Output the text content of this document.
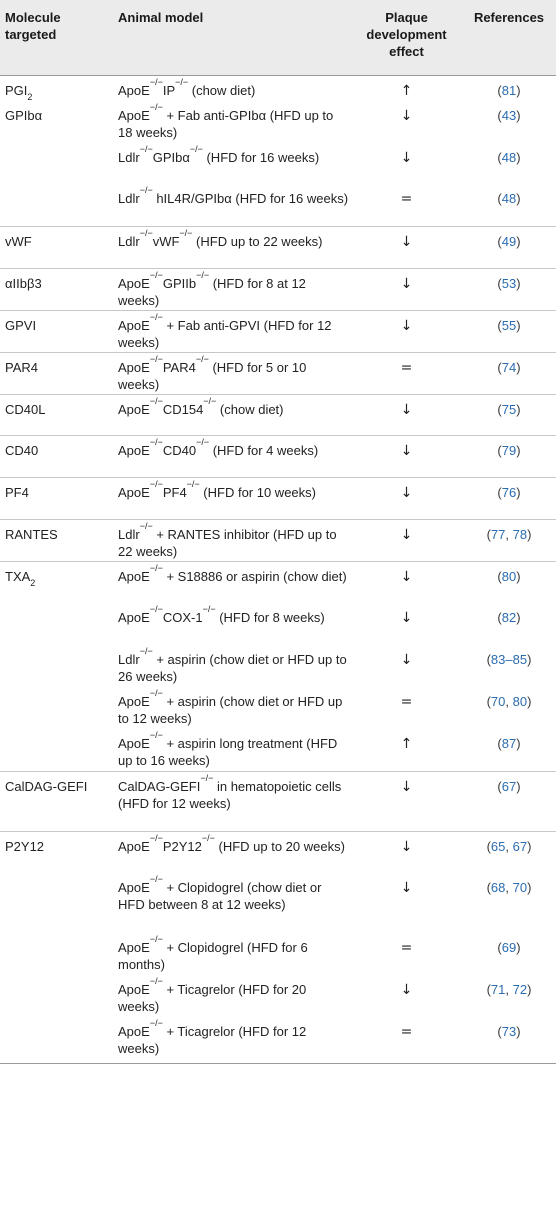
Molecule targeted	Animal model	Plaque development effect	References
$PGI_2$	ApoE−/−IP−/− (chow diet)	↑	(81)
GPIbα	ApoE−/− + Fab anti-GPIbα (HFD up to 18 weeks)	↓	(43)
	Ldlr−/−GPIbα−/− (HFD for 16 weeks)	↓	(48)
	Ldlr−/− hIL4R/GPIbα (HFD for 16 weeks)	=	(48)
vWF	Ldlr−/−vWF−/− (HFD up to 22 weeks)	↓	(49)
αIIbβ3	ApoE−/−GPIIb−/− (HFD for 8 at 12 weeks)	↓	(53)
GPVI	ApoE−/− + Fab anti-GPVI (HFD for 12 weeks)	↓	(55)
PAR4	ApoE−/−PAR4−/− (HFD for 5 or 10 weeks)	=	(74)
CD40L	ApoE−/−CD154−/− (chow diet)	↓	(75)
CD40	ApoE−/−CD40−/− (HFD for 4 weeks)	↓	(79)
PF4	ApoE−/−PF4−/− (HFD for 10 weeks)	↓	(76)
RANTES	Ldlr−/− + RANTES inhibitor (HFD up to 22 weeks)	↓	(77, 78)
$TXA_2$	ApoE−/− + S18886 or aspirin (chow diet)	↓	(80)
	ApoE−/−COX-1−/− (HFD for 8 weeks)	↓	(82)
	Ldlr−/− + aspirin (chow diet or HFD up to 26 weeks)	↓	(83–85)
	ApoE−/− + aspirin (chow diet or HFD up to 12 weeks)	=	(70, 80)
	ApoE−/− + aspirin long treatment (HFD up to 16 weeks)	↑	(87)
CalDAG-GEFI	CalDAG-GEFI−/− in hematopoietic cells (HFD for 12 weeks)	↓	(67)
P2Y12	ApoE−/−P2Y12−/− (HFD up to 20 weeks)	↓	(65, 67)
	ApoE−/− + Clopidogrel (chow diet or HFD between 8 at 12 weeks)	↓	(68, 70)
	ApoE−/− + Clopidogrel (HFD for 6 months)	=	(69)
	ApoE−/− + Ticagrelor (HFD for 20 weeks)	↓	(71, 72)
	ApoE−/− + Ticagrelor (HFD for 12 weeks)	=	(73)
